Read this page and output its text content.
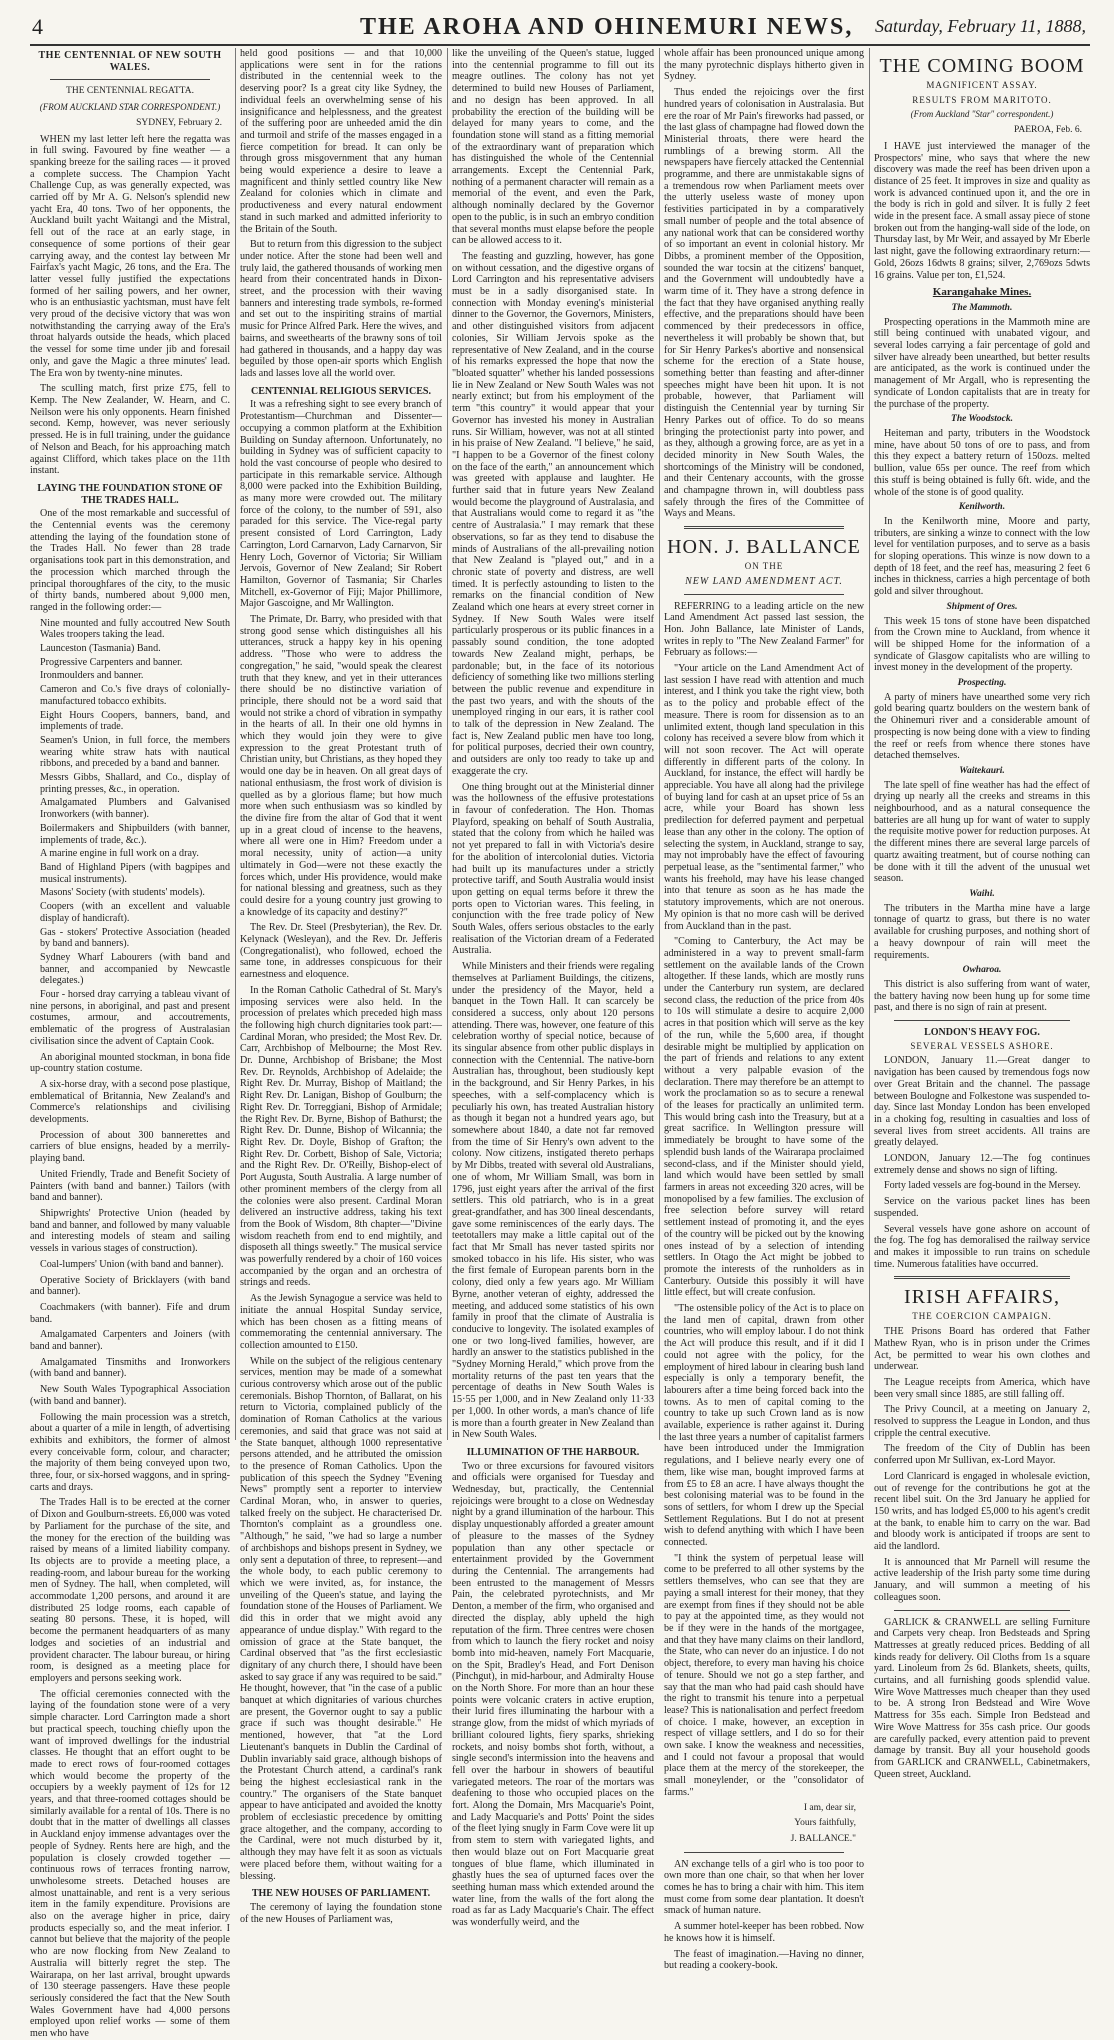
4	THE AROHA AND OHINEMURI NEWS, Saturday, February 11, 1888,
THE CENTENNIAL OF NEW SOUTH WALES.
THE CENTENNIAL REGATTA.
(FROM AUCKLAND STAR CORRESPONDENT.)

SYDNEY, February 2.

WHEN my last letter left here the regatta was in full swing. Favoured by fine weather — a spanking breeze for the sailing races — it proved a complete success. The Champion Yacht Challenge Cup, as was generally expected, was carried off by Mr A. G. Nelson's splendid new yacht Era, 40 tons. Two of her opponents, the Auckland built yacht Waitangi and the Mistral, fell out of the race at an early stage, in consequence of some portions of their gear carrying away, and the contest lay between Mr Fairfax's yacht Magic, 26 tons, and the Era. The latter vessel fully justified the expectations formed of her sailing powers, and her owner, who is an enthusiastic yachtsman, must have felt very proud of the decisive victory that was won notwithstanding the carrying away of the Era's throat halyards outside the heads, which placed the vessel for some time under jib and foresail only, and gave the Magic a three minutes' lead. The Era won by twenty-nine minutes.

The sculling match, first prize £75, fell to Kemp. The New Zealander, W. Hearn, and C. Neilson were his only opponents. Hearn finished second. Kemp, however, was never seriously pressed. He is in full training, under the guidance of Nelson and Beach, for his approaching match against Clifford, which takes place on the 11th instant.

LAYING THE FOUNDATION STONE OF THE TRADES HALL.

One of the most remarkable and successful of the Centennial events was the ceremony attending the laying of the foundation stone of the Trades Hall. No fewer than 28 trade organisations took part in this demonstration, and the procession which marched through the principal thoroughfares of the city, to the music of thirty bands, numbered about 9,000 men, ranged in the following order:—

Nine mounted and fully accoutred New South Wales troopers taking the lead.

Launceston (Tasmania) Band.

Progressive Carpenters and banner.

Ironmoulders and banner.

Cameron and Co.'s five drays of colonially-manufactured tobacco exhibits.

Eight Hours Coopers, banners, band, and implements of trade.

Seamen's Union, in full force, the members wearing white straw hats with nautical ribbons, and preceded by a band and banner.

Messrs Gibbs, Shallard, and Co., display of printing presses, &c., in operation.

Amalgamated Plumbers and Galvanised Ironworkers (with banner).

Boilermakers and Shipbuilders (with banner, implements of trade, &c.).

A marine engine in full work on a dray.

Band of Highland Pipers (with bagpipes and musical instruments).

Masons' Society (with students' models).

Coopers (with an excellent and valuable display of handicraft).

Gas - stokers' Protective Association (headed by band and banners).

Sydney Wharf Labourers (with band and banner, and accompanied by Newcastle delegates.)

Four - horsed dray carrying a tableau vivant of nine persons, in aboriginal, and past and present costumes, armour, and accoutrements, emblematic of the progress of Australasian civilisation since the advent of Captain Cook.

An aboriginal mounted stockman, in bona fide up-country station costume.

A six-horse dray, with a second pose plastique, emblematical of Britannia, New Zealand's and Commerce's relationships and civilising developments.

Procession of about 300 bannerettes and carriers of blue ensigns, headed by a merrily-playing band.

United Friendly, Trade and Benefit Society of Painters (with band and banner.) Tailors (with band and banner).

Shipwrights' Protective Union (headed by band and banner, and followed by many valuable and interesting models of steam and sailing vessels in various stages of construction).

Coal-lumpers' Union (with band and banner).

Operative Society of Bricklayers (with band and banner).

Coachmakers (with banner). Fife and drum band.

Amalgamated Carpenters and Joiners (with band and banner).

Amalgamated Tinsmiths and Ironworkers (with band and banner).

New South Wales Typographical Association (with band and banner).

Following the main procession was a stretch, about a quarter of a mile in length, of advertising exhibits and exhibitors, the former of almost every conceivable form, colour, and character; the majority of them being conveyed upon two, three, four, or six-horsed waggons, and in spring-carts and drays.

The Trades Hall is to be erected at the corner of Dixon and Goulburn-streets. £6,000 was voted by Parliament for the purchase of the site, and the money for the erection of the building was raised by means of a limited liability company. Its objects are to provide a meeting place, a reading-room, and labour bureau for the working men of Sydney. The hall, when completed, will accommodate 1,200 persons, and around it are distributed 25 lodge rooms, each capable of seating 80 persons. These, it is hoped, will become the permanent headquarters of as many lodges and societies of an industrial and provident character. The labour bureau, or hiring room, is designed as a meeting place for employers and persons seeking work.

The official ceremonies connected with the laying of the foundation stone were of a very simple character. Lord Carrington made a short but practical speech, touching chiefly upon the want of improved dwellings for the industrial classes. He thought that an effort ought to be made to erect rows of four-roomed cottages which would become the property of the occupiers by a weekly payment of 12s for 12 years, and that three-roomed cottages should be similarly available for a rental of 10s. There is no doubt that in the matter of dwellings all classes in Auckland enjoy immense advantages over the people of Sydney. Rents here are high, and the population is closely crowded together — continuous rows of terraces fronting narrow, unwholesome streets. Detached houses are almost unattainable, and rent is a very serious item in the family expenditure. Provisions are also on the average higher in price, dairy products especially so, and the meat inferior. I cannot but believe that the majority of the people who are now flocking from New Zealand to Australia will bitterly regret the step. The Wairarapa, on her last arrival, brought upwards of 130 steerage passengers. Have these people seriously considered the fact that the New South Wales Government have had 4,000 persons employed upon relief works — some of them men who have

held good positions — and that 10,000 applications were sent in for the rations distributed in the centennial week to the deserving poor? Is a great city like Sydney, the individual feels an overwhelming sense of his insignificance and helplessness, and the greatest of the suffering poor are unheeded amid the din and turmoil and strife of the masses engaged in a fierce competition for bread. It can only be through gross misgovernment that any human being would experience a desire to leave a magnificent and thinly settled country like New Zealand for colonies which in climate and productiveness and every natural endowment stand in such marked and admitted inferiority to the Britain of the South.

But to return from this digression to the subject under notice. After the stone had been well and truly laid, the gathered thousands of working men heard from their concentrated hands in Dixon-street, and the procession with their waving banners and interesting trade symbols, re-formed and set out to the inspiriting strains of martial music for Prince Alfred Park. Here the wives, and bairns, and sweethearts of the brawny sons of toil had gathered in thousands, and a happy day was beguiled by those open-air sports which English lads and lasses love all the world over.

CENTENNIAL RELIGIOUS SERVICES.

It was a refreshing sight to see every branch of Protestantism—Churchman and Dissenter—occupying a common platform at the Exhibition Building on Sunday afternoon. Unfortunately, no building in Sydney was of sufficient capacity to hold the vast concourse of people who desired to participate in this remarkable service. Although 8,000 were packed into the Exhibition Building, as many more were crowded out. The military force of the colony, to the number of 591, also paraded for this service. The Vice-regal party present consisted of Lord Carrington, Lady Carrington, Lord Carnarvon, Lady Carnarvon, Sir Henry Loch, Governor of Victoria; Sir William Jervois, Governor of New Zealand; Sir Robert Hamilton, Governor of Tasmania; Sir Charles Mitchell, ex-Governor of Fiji; Major Phillimore, Major Gascoigne, and Mr Wallington.

The Primate, Dr. Barry, who presided with that strong good sense which distinguishes all his utterances, struck a happy key in his opening address. "Those who were to address the congregation," he said, "would speak the clearest truth that they knew, and yet in their utterances there should be no distinctive variation of principle, there should not be a word said that would not strike a chord of vibration in sympathy in the hearts of all. In their one old hymns in which they would join they were to give expression to the great Protestant truth of Christian unity, but Christians, as they hoped they would one day be in heaven. On all great days of national enthusiasm, the frost work of division is quelled as by a glorious flame; but how much more when such enthusiasm was so kindled by the divine fire from the altar of God that it went up in a great cloud of incense to the heavens, where all were one in Him? Freedom under a moral necessity, unity of action—a unity ultimately in God—were not these exactly the forces which, under His providence, would make for national blessing and greatness, such as they could desire for a young country just growing to a knowledge of its capacity and destiny?"

The Rev. Dr. Steel (Presbyterian), the Rev. Dr. Kelynack (Wesleyan), and the Rev. Dr. Jefferis (Congregationalist), who followed, echoed the same tone, in addresses conspicuous for their earnestness and eloquence.

In the Roman Catholic Cathedral of St. Mary's imposing services were also held. In the procession of prelates which preceded high mass the following high church dignitaries took part:—Cardinal Moran, who presided; the Most Rev. Dr. Carr, Archbishop of Melbourne; the Most Rev. Dr. Dunne, Archbishop of Brisbane; the Most Rev. Dr. Reynolds, Archbishop of Adelaide; the Right Rev. Dr. Murray, Bishop of Maitland; the Right Rev. Dr. Lanigan, Bishop of Goulburn; the Right Rev. Dr. Torreggiani, Bishop of Armidale; the Right Rev. Dr. Byrne, Bishop of Bathurst; the Right Rev. Dr. Dunne, Bishop of Wilcannia; the Right Rev. Dr. Doyle, Bishop of Grafton; the Right Rev. Dr. Corbett, Bishop of Sale, Victoria; and the Right Rev. Dr. O'Reilly, Bishop-elect of Port Augusta, South Australia. A large number of other prominent members of the clergy from all the colonies were also present. Cardinal Moran delivered an instructive address, taking his text from the Book of Wisdom, 8th chapter—"Divine wisdom reacheth from end to end mightily, and disposeth all things sweetly." The musical service was powerfully rendered by a choir of 160 voices accompanied by the organ and an orchestra of strings and reeds.

As the Jewish Synagogue a service was held to initiate the annual Hospital Sunday service, which has been chosen as a fitting means of commemorating the centennial anniversary. The collection amounted to £150.

While on the subject of the religious centenary services, mention may be made of a somewhat curious controversy which arose out of the public ceremonials. Bishop Thornton, of Ballarat, on his return to Victoria, complained publicly of the domination of Roman Catholics at the various ceremonies, and said that grace was not said at the State banquet, although 1000 representative persons attended, and he attributed the omission to the presence of Roman Catholics. Upon the publication of this speech the Sydney "Evening News" promptly sent a reporter to interview Cardinal Moran, who, in answer to queries, talked freely on the subject. He characterised Dr. Thornton's complaint as a groundless one. "Although," he said, "we had so large a number of archbishops and bishops present in Sydney, we only sent a deputation of three, to represent—and the whole body, to each public ceremony to which we were invited, as, for instance, the unveiling of the Queen's statue, and laying the foundation stone of the Houses of Parliament. We did this in order that we might avoid any appearance of undue display." With regard to the omission of grace at the State banquet, the Cardinal observed that "as the first ecclesiastic dignitary of any church there, I should have been asked to say grace if any was required to be said." He thought, however, that "in the case of a public banquet at which dignitaries of various churches are present, the Governor ought to say a public grace if such was thought desirable." He mentioned, however, that "at the Lord Lieutenant's banquets in Dublin the Cardinal of Dublin invariably said grace, although bishops of the Protestant Church attend, a cardinal's rank being the highest ecclesiastical rank in the country." The organisers of the State banquet appear to have anticipated and avoided the knotty problem of ecclesiastic precedence by omitting grace altogether, and the company, according to the Cardinal, were not much disturbed by it, although they may have felt it as soon as victuals were placed before them, without waiting for a blessing.

THE NEW HOUSES OF PARLIAMENT.

The ceremony of laying the foundation stone of the new Houses of Parliament was,

like the unveiling of the Queen's statue, lugged into the centennial programme to fill out its meagre outlines. The colony has not yet determined to build new Houses of Parliament, and no design has been approved. In all probability the erection of the building will be delayed for many years to come, and the foundation stone will stand as a fitting memorial of the extraordinary want of preparation which has distinguished the whole of the Centennial arrangements. Except the Centennial Park, nothing of a permanent character will remain as a memorial of the event, and even the Park, although nominally declared by the Governor open to the public, is in such an embryo condition that several months must elapse before the people can be allowed access to it.

The feasting and guzzling, however, has gone on without cessation, and the digestive organs of Lord Carrington and his representative advisers must be in a sadly disorganised state. In connection with Monday evening's ministerial dinner to the Governor, the Governors, Ministers, and other distinguished visitors from adjacent colonies, Sir William Jervois spoke as the representative of New Zealand, and in the course of his remarks expressed the hope that now the "bloated squatter" whether his landed possessions lie in New Zealand or New South Wales was not nearly extinct; but from his employment of the term "this country" it would appear that your Governor has invested his money in Australian runs. Sir William, however, was not at all stinted in his praise of New Zealand. "I believe," he said, "I happen to be a Governor of the finest colony on the face of the earth," an announcement which was greeted with applause and laughter. He further said that in future years New Zealand would become the playground of Australasia, and that Australians would come to regard it as "the centre of Australasia." I may remark that these observations, so far as they tend to disabuse the minds of Australians of the all-prevailing notion that New Zealand is "played out," and in a chronic state of poverty and distress, are well timed. It is perfectly astounding to listen to the remarks on the financial condition of New Zealand which one hears at every street corner in Sydney. If New South Wales were itself particularly prosperous or its public finances in a passably sound condition, the tone adopted towards New Zealand might, perhaps, be pardonable; but, in the face of its notorious deficiency of something like two millions sterling between the public revenue and expenditure in the past two years, and with the shouts of the unemployed ringing in our ears, it is rather cool to talk of the depression in New Zealand. The fact is, New Zealand public men have too long, for political purposes, decried their own country, and outsiders are only too ready to take up and exaggerate the cry.

One thing brought out at the Ministerial dinner was the hollowness of the effusive protestations in favour of confederation. The Hon. Thomas Playford, speaking on behalf of South Australia, stated that the colony from which he hailed was not yet prepared to fall in with Victoria's desire for the abolition of intercolonial duties. Victoria had built up its manufactures under a strictly protective tariff, and South Australia would insist upon getting on equal terms before it threw the ports open to Victorian wares. This feeling, in conjunction with the free trade policy of New South Wales, offers serious obstacles to the early realisation of the Victorian dream of a Federated Australia.

While Ministers and their friends were regaling themselves at Parliament Buildings, the citizens, under the presidency of the Mayor, held a banquet in the Town Hall. It can scarcely be considered a success, only about 120 persons attending. There was, however, one feature of this celebration worthy of special notice, because of its singular absence from other public displays in connection with the Centennial. The native-born Australian has, throughout, been studiously kept in the background, and Sir Henry Parkes, in his speeches, with a self-complacency which is peculiarly his own, has treated Australian history as though it began not a hundred years ago, but somewhere about 1840, a date not far removed from the time of Sir Henry's own advent to the colony. Now citizens, instigated thereto perhaps by Mr Dibbs, treated with several old Australians, one of whom, Mr William Small, was born in 1796, just eight years after the arrival of the first settlers. This old patriarch, who is in a great great-grandfather, and has 300 lineal descendants, gave some reminiscences of the early days. The teetotallers may make a little capital out of the fact that Mr Small has never tasted spirits nor smoked tobacco in his life. His sister, who was the first female of European parents born in the colony, died only a few years ago. Mr William Byrne, another veteran of eighty, addressed the meeting, and adduced some statistics of his own family in proof that the climate of Australia is conducive to longevity. The isolated examples of one or two long-lived families, however, are hardly an answer to the statistics published in the "Sydney Morning Herald," which prove from the mortality returns of the past ten years that the percentage of deaths in New South Wales is 15·55 per 1,000, and in New Zealand only 11·33 per 1,000. In other words, a man's chance of life is more than a fourth greater in New Zealand than in New South Wales.

ILLUMINATION OF THE HARBOUR.

Two or three excursions for favoured visitors and officials were organised for Tuesday and Wednesday, but, practically, the Centennial rejoicings were brought to a close on Wednesday night by a grand illumination of the harbour. This display unquestionably afforded a greater amount of pleasure to the masses of the Sydney population than any other spectacle or entertainment provided by the Government during the Centennial. The arrangements had been entrusted to the management of Messrs Pain, the celebrated pyrotechnists, and Mr Denton, a member of the firm, who organised and directed the display, ably upheld the high reputation of the firm. Three centres were chosen from which to launch the fiery rocket and noisy bomb into mid-heaven, namely Fort Macquarie, on the Spit, Bradley's Head, and Fort Denison (Pinchgut), in mid-harbour, and Admiralty House on the North Shore. For more than an hour these points were volcanic craters in active eruption, their lurid fires illuminating the harbour with a strange glow, from the midst of which myriads of brilliant coloured lights, fiery sparks, shrieking rockets, and noisy bombs shot forth, without, a single second's intermission into the heavens and fell over the harbour in showers of beautiful variegated meteors. The roar of the mortars was deafening to those who occupied places on the fort. Along the Domain, Mrs Macquarie's Point, and Lady Macquarie's and Potts' Point the sides of the fleet lying snugly in Farm Cove were lit up from stem to stern with variegated lights, and then would blaze out on Fort Macquarie great tongues of blue flame, which illuminated in ghastly hues the sea of upturned faces over the seething human mass which extended around the water line, from the walls of the fort along the road as far as Lady Macquarie's Chair. The effect was wonderfully weird, and the

whole affair has been pronounced unique among the many pyrotechnic displays hitherto given in Sydney.

Thus ended the rejoicings over the first hundred years of colonisation in Australasia. But ere the roar of Mr Pain's fireworks had passed, or the last glass of champagne had flowed down the Ministerial throats, there were heard the rumblings of a brewing storm. All the newspapers have fiercely attacked the Centennial programme, and there are unmistakable signs of a tremendous row when Parliament meets over the utterly useless waste of money upon festivities participated in by a comparatively small number of people and the total absence of any national work that can be considered worthy of so important an event in colonial history. Mr Dibbs, a prominent member of the Opposition, sounded the war tocsin at the citizens' banquet, and the Government will undoubtedly have a warm time of it. They have a strong defence in the fact that they have organised anything really effective, and the preparations should have been commenced by their predecessors in office, nevertheless it will probably be shown that, but for Sir Henry Parkes's abortive and nonsensical scheme for the erection of a State house, something better than feasting and after-dinner speeches might have been hit upon. It is not probable, however, that Parliament will distinguish the Centennial year by turning Sir Henry Parkes out of office. To do so means bringing the protectionist party into power, and as they, although a growing force, are as yet in a decided minority in New South Wales, the shortcomings of the Ministry will be condoned, and their Centenary accounts, with the grosse and champagne thrown in, will doubtless pass safely through the fires of the Committee of Ways and Means.

HON. J. BALLANCE
ON THE
NEW LAND AMENDMENT ACT.

REFERRING to a leading article on the new Land Amendment Act passed last session, the Hon. John Ballance, late Minister of Lands, writes in reply to "The New Zealand Farmer" for February as follows:—

"Your article on the Land Amendment Act of last session I have read with attention and much interest, and I think you take the right view, both as to the policy and probable effect of the measure. There is room for dissension as to an unlimited extent, though land speculation in this colony has received a severe blow from which it will not soon recover. The Act will operate differently in different parts of the colony. In Auckland, for instance, the effect will hardly be appreciable. You have all along had the privilege of buying land for cash at an upset price of 5s an acre, while your Board has shown less predilection for deferred payment and perpetual lease than any other in the colony. The option of selecting the system, in Auckland, strange to say, may not improbably have the effect of favouring perpetual lease, as the "sentimental farmer," who wants his freehold, may have his lease changed into that tenure as soon as he has made the statutory improvements, which are not onerous. My opinion is that no more cash will be derived from Auckland than in the past.

"Coming to Canterbury, the Act may be administered in a way to prevent small-farm settlement on the available lands of the Crown altogether. If these lands, which are mostly runs under the Canterbury run system, are declared second class, the reduction of the price from 40s to 10s will stimulate a desire to acquire 2,000 acres in that position which will serve as the key of the run, while the 5,600 area, if thought desirable might be multiplied by application on the part of friends and relations to any extent without a very palpable evasion of the declaration. There may therefore be an attempt to work the proclamation so as to secure a renewal of the leases for practically an unlimited term. This would bring cash into the Treasury, but at a great sacrifice. In Wellington pressure will immediately be brought to have some of the splendid bush lands of the Wairarapa proclaimed second-class, and if the Minister should yield, land which would have been settled by small farmers in areas not exceeding 320 acres, will be monopolised by a few families. The exclusion of free selection before survey will retard settlement instead of promoting it, and the eyes of the country will be picked out by the knowing ones instead of by a selection of intending settlers. In Otago the Act might be jobbed to promote the interests of the runholders as in Canterbury. Outside this possibly it will have little effect, but will create confusion.

"The ostensible policy of the Act is to place on the land men of capital, drawn from other countries, who will employ labour. I do not think the Act will produce this result, and if it did I could not agree with the policy, for the employment of hired labour in clearing bush land especially is only a temporary benefit, the labourers after a time being forced back into the towns. As to men of capital coming to the country to take up such Crown land as is now available, experience is rather against it. During the last three years a number of capitalist farmers have been introduced under the Immigration regulations, and I believe nearly every one of them, like wise man, bought improved farms at from £5 to £8 an acre. I have always thought the best colonising material was to be found in the sons of settlers, for whom I drew up the Special Settlement Regulations. But I do not at present wish to defend anything with which I have been connected.

"I think the system of perpetual lease will come to be preferred to all other systems by the settlers themselves, who can see that they are paying a small interest for their money, that they are exempt from fines if they should not be able to pay at the appointed time, as they would not be if they were in the hands of the mortgagee, and that they have many claims on their landlord, the State, who can never do an injustice. I do not object, therefore, to every man having his choice of tenure. Should we not go a step farther, and say that the man who had paid cash should have the right to transmit his tenure into a perpetual lease? This is nationalisation and perfect freedom of choice. I make, however, an exception in respect of village settlers, and I do so for their own sake. I know the weakness and necessities, and I could not favour a proposal that would place them at the mercy of the storekeeper, the small moneylender, or the "consolidator of farms."

I am, dear sir,

Yours faithfully,

J. BALLANCE."

AN exchange tells of a girl who is too poor to own more than one chair, so that when her lover comes he has to bring a chair with him. This item must come from some dear plantation. It doesn't smack of human nature.

A summer hotel-keeper has been robbed. Now he knows how it is himself.

The feast of imagination.—Having no dinner, but reading a cookery-book.

THE COMING BOOM
MAGNIFICENT ASSAY.
RESULTS FROM MARITOTO.
(From Auckland "Star" correspondent.)

PAEROA, Feb. 6.

I HAVE just interviewed the manager of the Prospectors' mine, who says that where the new discovery was made the reef has been driven upon a distance of 25 feet. It improves in size and quality as work is advanced continued upon it, and the ore in the body is rich in gold and silver. It is fully 2 feet wide in the present face. A small assay piece of stone broken out from the hanging-wall side of the lode, on Thursday last, by Mr Weir, and assayed by Mr Eberle last night, gave the following extraordinary return:—Gold, 26ozs 16dwts 8 grains; silver, 2,769ozs 5dwts 16 grains. Value per ton, £1,524.

Karangahake Mines.
The Mammoth.

Prospecting operations in the Mammoth mine are still being continued with unabated vigour, and several lodes carrying a fair percentage of gold and silver have already been unearthed, but better results are anticipated, as the work is continued under the management of Mr Argall, who is representing the syndicate of London capitalists that are in treaty for the purchase of the property.

The Woodstock.

Heiteman and party, tributers in the Woodstock mine, have about 50 tons of ore to pass, and from this they expect a battery return of 150ozs. melted bullion, value 65s per ounce. The reef from which this stuff is being obtained is fully 6ft. wide, and the whole of the stone is of good quality.

Kenilworth.

In the Kenilworth mine, Moore and party, tributers, are sinking a winze to connect with the low level for ventilation purposes, and to serve as a basis for sloping operations. This winze is now down to a depth of 18 feet, and the reef has, measuring 2 feet 6 inches in thickness, carries a high percentage of both gold and silver throughout.

Shipment of Ores.

This week 15 tons of stone have been dispatched from the Crown mine to Auckland, from whence it will be shipped Home for the information of a syndicate of Glasgow capitalists who are willing to invest money in the development of the property.

Prospecting.

A party of miners have unearthed some very rich gold bearing quartz boulders on the western bank of the Ohinemuri river and a considerable amount of prospecting is now being done with a view to finding the reef or reefs from whence there stones have detached themselves.

Waitekauri.

The late spell of fine weather has had the effect of drying up nearly all the creeks and streams in this neighbourhood, and as a natural consequence the batteries are all hung up for want of water to supply the requisite motive power for reduction purposes. At the different mines there are several large parcels of quartz awaiting treatment, but of course nothing can be done with it till the advent of the unusual wet season.

Waihi.

The tributers in the Martha mine have a large tonnage of quartz to grass, but there is no water available for crushing purposes, and nothing short of a heavy downpour of rain will meet the requirements.

Owharoa.

This district is also suffering from want of water, the battery having now been hung up for some time past, and there is no sign of rain at present.

LONDON'S HEAVY FOG.
SEVERAL VESSELS ASHORE.

LONDON, January 11.—Great danger to navigation has been caused by tremendous fogs now over Great Britain and the channel. The passage between Boulogne and Folkestone was suspended to-day. Since last Monday London has been enveloped in a choking fog, resulting in casualties and loss of several lives from street accidents. All trains are greatly delayed.

LONDON, January 12.—The fog continues extremely dense and shows no sign of lifting.

Forty laded vessels are fog-bound in the Mersey.

Service on the various packet lines has been suspended.

Several vessels have gone ashore on account of the fog. The fog has demoralised the railway service and makes it impossible to run trains on schedule time. Numerous fatalities have occurred.

IRISH AFFAIRS,
THE COERCION CAMPAIGN.

THE Prisons Board has ordered that Father Mathew Ryan, who is in prison under the Crimes Act, be permitted to wear his own clothes and underwear.

The League receipts from America, which have been very small since 1885, are still falling off.

The Privy Council, at a meeting on January 2, resolved to suppress the League in London, and thus cripple the central executive.

The freedom of the City of Dublin has been conferred upon Mr Sullivan, ex-Lord Mayor.

Lord Clanricard is engaged in wholesale eviction, out of revenge for the contributions he got at the recent libel suit. On the 3rd January he applied for 150 writs, and has lodged £5,000 to his agent's credit at the bank, to enable him to carry on the war. Bad and bloody work is anticipated if troops are sent to aid the landlord.

It is announced that Mr Parnell will resume the active leadership of the Irish party some time during January, and will summon a meeting of his colleagues soon.

GARLICK & CRANWELL are selling Furniture and Carpets very cheap. Iron Bedsteads and Spring Mattresses at greatly reduced prices. Bedding of all kinds ready for delivery. Oil Cloths from 1s a square yard. Linoleum from 2s 6d. Blankets, sheets, quilts, curtains, and all furnishing goods splendid value. Wire Wove Mattresses much cheaper than they used to be. A strong Iron Bedstead and Wire Wove Mattress for 35s each. Simple Iron Bedstead and Wire Wove Mattress for 35s cash price. Our goods are carefully packed, every attention paid to prevent damage by transit. Buy all your household goods from GARLICK and CRANWELL, Cabinetmakers, Queen street, Auckland.
